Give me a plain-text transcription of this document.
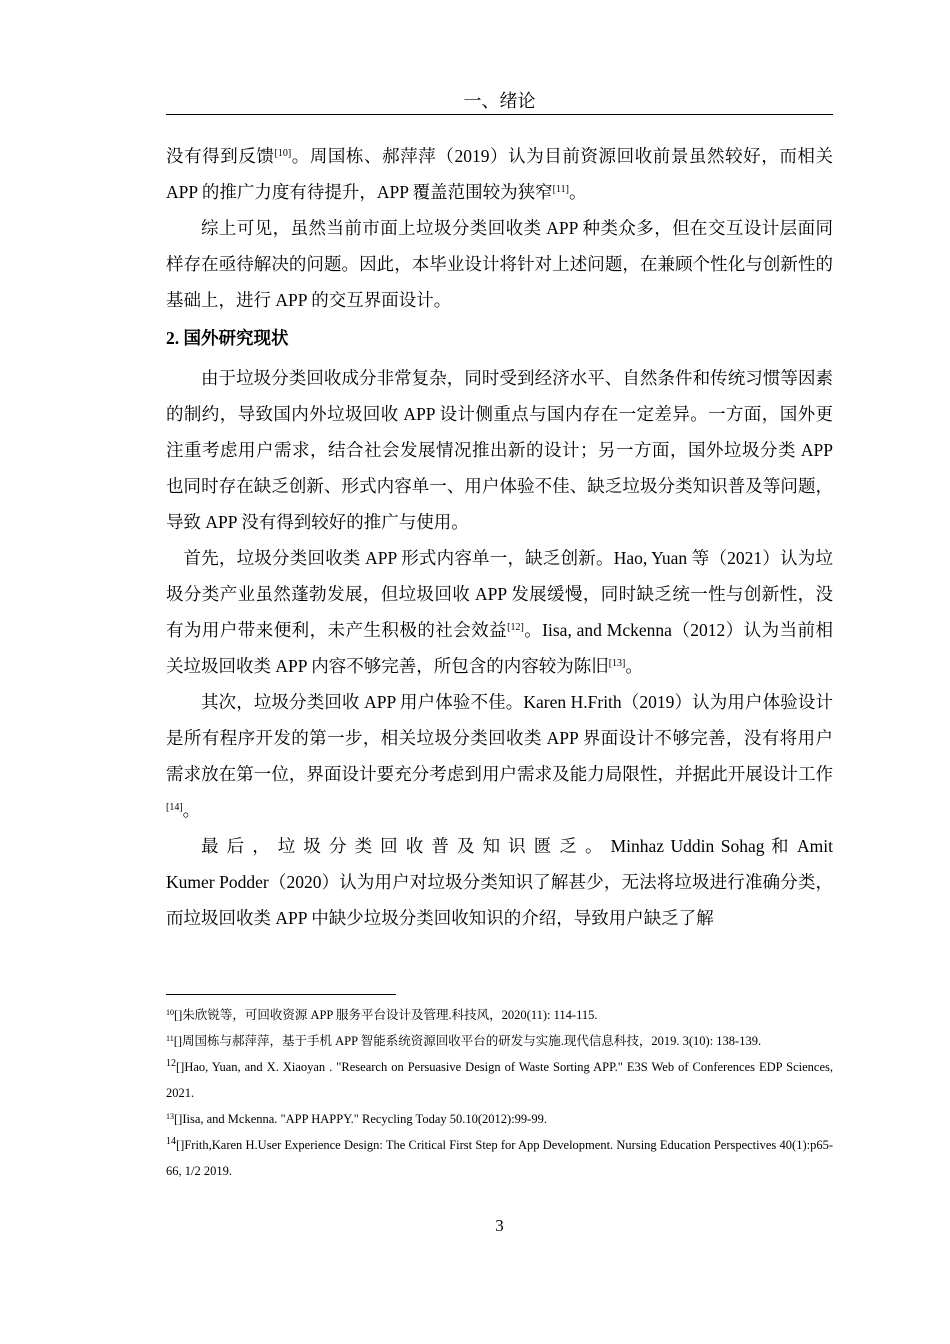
一、绪论

没有得到反馈[10]。周国栋、郝萍萍（2019）认为目前资源回收前景虽然较好，而相关 APP 的推广力度有待提升，APP 覆盖范围较为狭窄[11]。

综上可见，虽然当前市面上垃圾分类回收类 APP 种类众多，但在交互设计层面同样存在亟待解决的问题。因此，本毕业设计将针对上述问题，在兼顾个性化与创新性的基础上，进行 APP 的交互界面设计。

2. 国外研究现状

由于垃圾分类回收成分非常复杂，同时受到经济水平、自然条件和传统习惯等因素的制约，导致国内外垃圾回收 APP 设计侧重点与国内存在一定差异。一方面，国外更注重考虑用户需求，结合社会发展情况推出新的设计；另一方面，国外垃圾分类 APP 也同时存在缺乏创新、形式内容单一、用户体验不佳、缺乏垃圾分类知识普及等问题，导致 APP 没有得到较好的推广与使用。

首先，垃圾分类回收类 APP 形式内容单一，缺乏创新。Hao, Yuan 等（2021）认为垃圾分类产业虽然蓬勃发展，但垃圾回收 APP 发展缓慢，同时缺乏统一性与创新性，没有为用户带来便利，未产生积极的社会效益[12]。Iisa, and Mckenna（2012）认为当前相关垃圾回收类 APP 内容不够完善，所包含的内容较为陈旧[13]。

其次，垃圾分类回收 APP 用户体验不佳。Karen H.Frith（2019）认为用户体验设计是所有程序开发的第一步，相关垃圾分类回收类 APP 界面设计不够完善，没有将用户需求放在第一位，界面设计要充分考虑到用户需求及能力局限性，并据此开展设计工作[14]。

最后，垃圾分类回收普及知识匮乏。Minhaz Uddin Sohag 和 Amit Kumer Podder（2020）认为用户对垃圾分类知识了解甚少，无法将垃圾进行准确分类，而垃圾回收类 APP 中缺少垃圾分类回收知识的介绍，导致用户缺乏了解

$^{10}$[]朱欣锐等，可回收资源 APP 服务平台设计及管理.科技风，2020(11): 114-115.

$^{11}$[]周国栋与郝萍萍，基于手机 APP 智能系统资源回收平台的研发与实施.现代信息科技，2019. 3(10): 138-139.

$^{12}$[]Hao, Yuan, and X. Xiaoyan . "Research on Persuasive Design of Waste Sorting APP." E3S Web of Conferences EDP Sciences, 2021.

$^{13}$[]Iisa, and Mckenna. "APP HAPPY." Recycling Today 50.10(2012):99-99.

$^{14}$[]Frith,Karen H.User Experience Design: The Critical First Step for App Development. Nursing Education Perspectives 40(1):p65-66, 1/2 2019.

3
